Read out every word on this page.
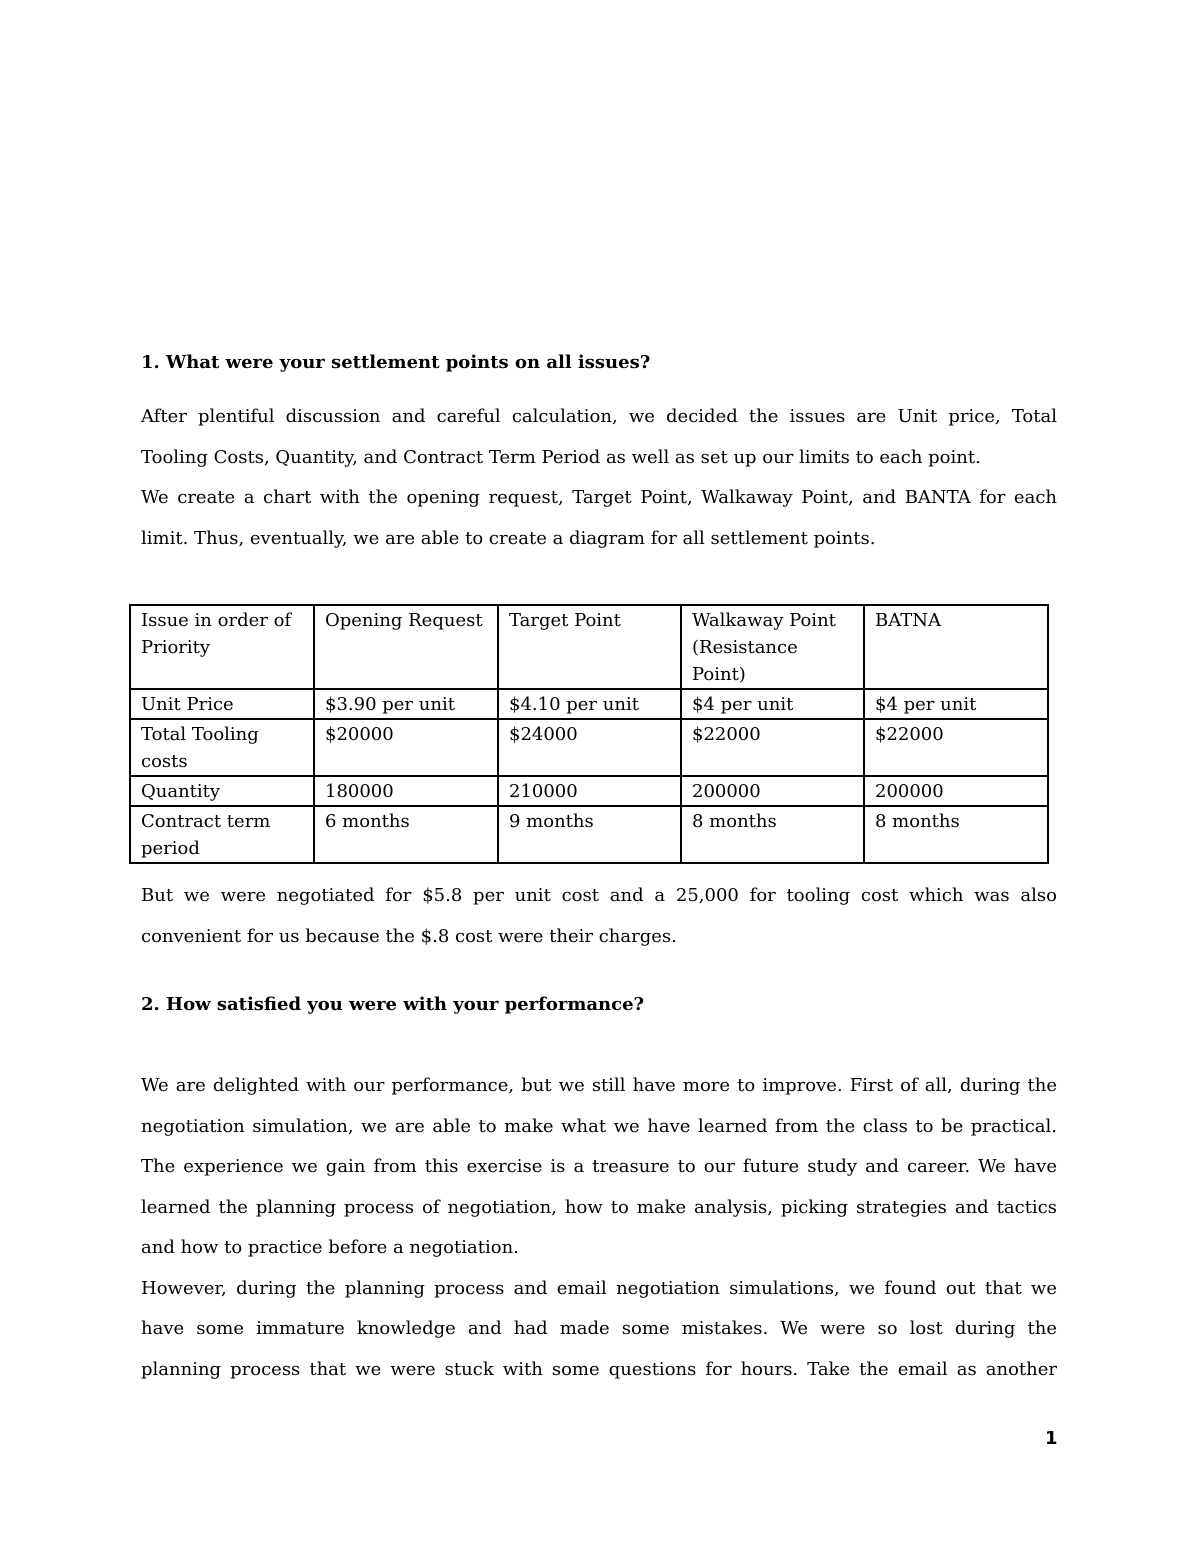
1. What were your settlement points on all issues?
After plentiful discussion and careful calculation, we decided the issues are Unit price, Total
Tooling Costs, Quantity, and Contract Term Period as well as set up our limits to each point.
We create a chart with the opening request, Target Point, Walkaway Point, and BANTA for each
limit. Thus, eventually, we are able to create a diagram for all settlement points.
Issue in order of Priority	Opening Request	Target Point	Walkaway Point (Resistance Point)	BATNA
Unit Price	$3.90 per unit	$4.10 per unit	$4 per unit	$4 per unit
Total Tooling costs	$20000	$24000	$22000	$22000
Quantity	180000	210000	200000	200000
Contract term period	6 months	9 months	8 months	8 months
But we were negotiated for $5.8 per unit cost and a 25,000 for tooling cost which was also
convenient for us because the $.8 cost were their charges.
2. How satisfied you were with your performance?
We are delighted with our performance, but we still have more to improve. First of all, during the
negotiation simulation, we are able to make what we have learned from the class to be practical.
The experience we gain from this exercise is a treasure to our future study and career. We have
learned the planning process of negotiation, how to make analysis, picking strategies and tactics
and how to practice before a negotiation.
However, during the planning process and email negotiation simulations, we found out that we
have some immature knowledge and had made some mistakes. We were so lost during the
planning process that we were stuck with some questions for hours. Take the email as another
1
